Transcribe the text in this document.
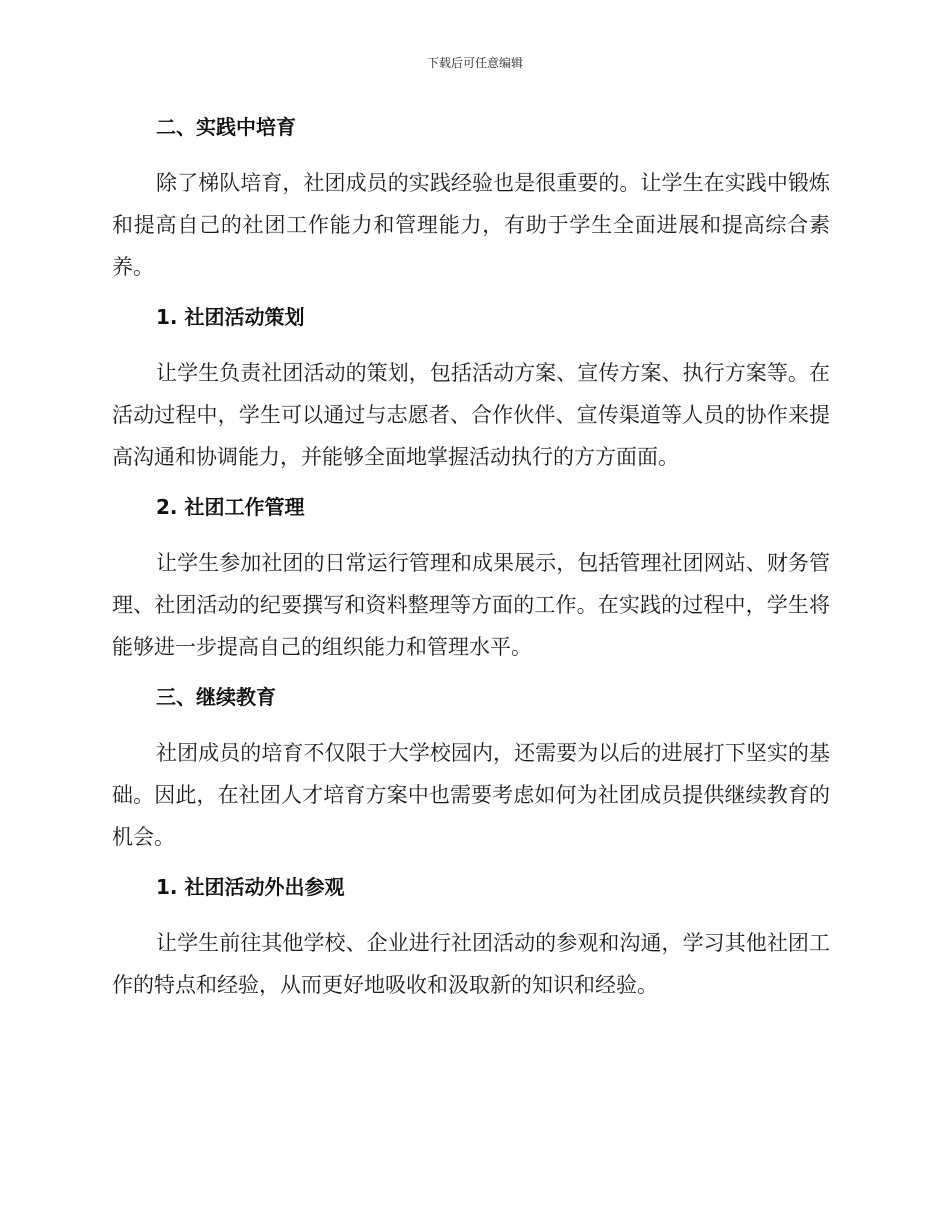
下载后可任意编辑
二、实践中培育

除了梯队培育，社团成员的实践经验也是很重要的。让学生在实践中锻炼和提高自己的社团工作能力和管理能力，有助于学生全面进展和提高综合素养。

1. 社团活动策划

让学生负责社团活动的策划，包括活动方案、宣传方案、执行方案等。在活动过程中，学生可以通过与志愿者、合作伙伴、宣传渠道等人员的协作来提高沟通和协调能力，并能够全面地掌握活动执行的方方面面。

2. 社团工作管理

让学生参加社团的日常运行管理和成果展示，包括管理社团网站、财务管理、社团活动的纪要撰写和资料整理等方面的工作。在实践的过程中，学生将能够进一步提高自己的组织能力和管理水平。

三、继续教育

社团成员的培育不仅限于大学校园内，还需要为以后的进展打下坚实的基础。因此，在社团人才培育方案中也需要考虑如何为社团成员提供继续教育的机会。

1. 社团活动外出参观

让学生前往其他学校、企业进行社团活动的参观和沟通，学习其他社团工作的特点和经验，从而更好地吸收和汲取新的知识和经验。
